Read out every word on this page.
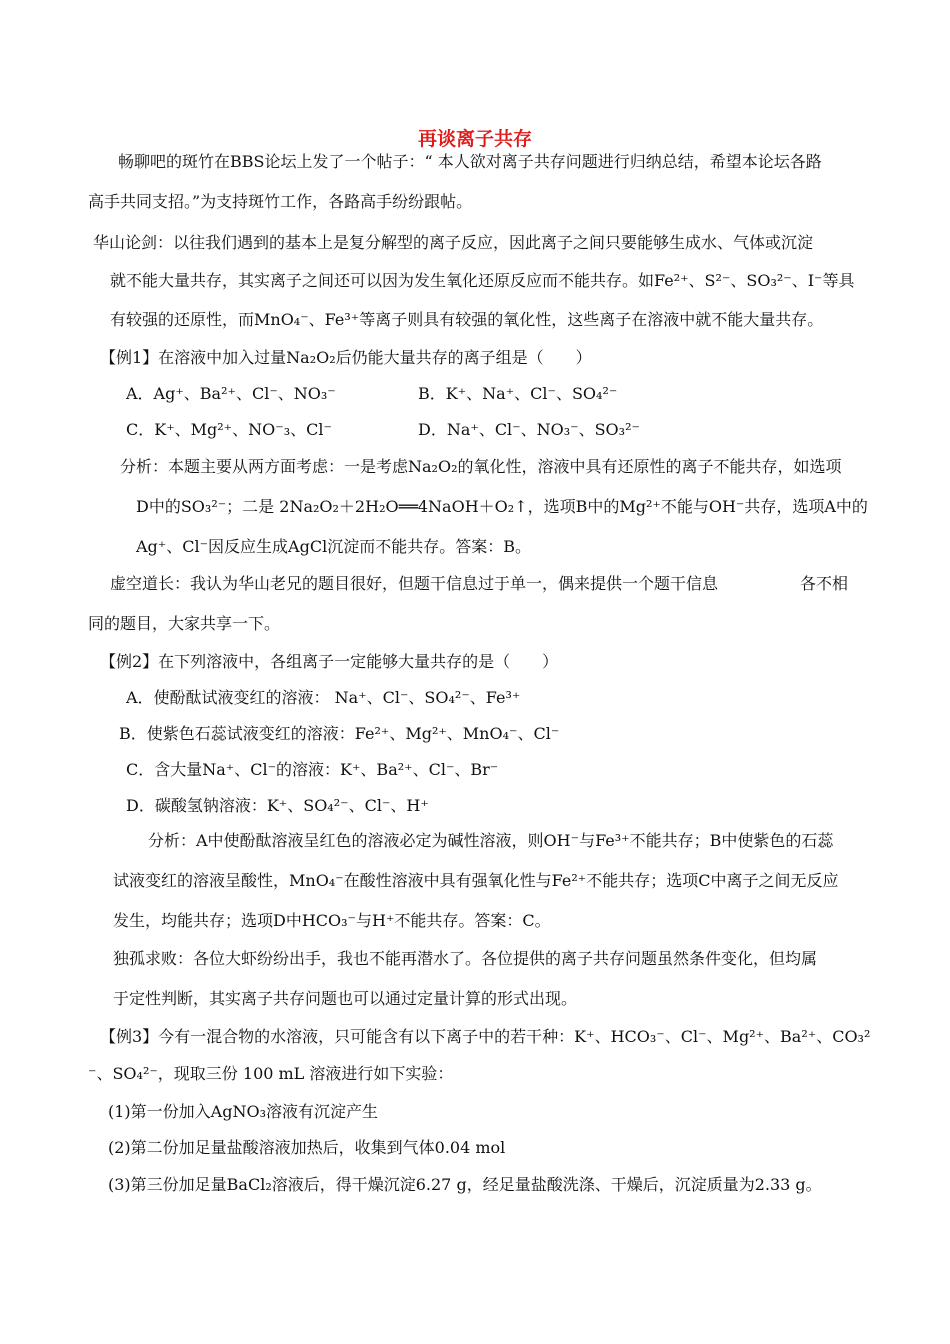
再谈离子共存
畅聊吧的斑竹在BBS论坛上发了一个帖子：“ 本人欲对离子共存问题进行归纳总结，希望本论坛各路
高手共同支招。”为支持斑竹工作，各路高手纷纷跟帖。
华山论剑：以往我们遇到的基本上是复分解型的离子反应，因此离子之间只要能够生成水、气体或沉淀
就不能大量共存，其实离子之间还可以因为发生氧化还原反应而不能共存。如Fe²⁺、S²⁻、SO₃²⁻、I⁻等具
有较强的还原性，而MnO₄⁻、Fe³⁺等离子则具有较强的氧化性，这些离子在溶液中就不能大量共存。
【例1】在溶液中加入过量Na₂O₂后仍能大量共存的离子组是（　　）
A．Ag⁺、Ba²⁺、Cl⁻、NO₃⁻	B．K⁺、Na⁺、Cl⁻、SO₄²⁻
C．K⁺、Mg²⁺、NO⁻₃、Cl⁻	D．Na⁺、Cl⁻、NO₃⁻、SO₃²⁻
分析：本题主要从两方面考虑：一是考虑Na₂O₂的氧化性，溶液中具有还原性的离子不能共存，如选项
D中的SO₃²⁻；二是 2Na₂O₂＋2H₂O══4NaOH＋O₂↑，选项B中的Mg²⁺不能与OH⁻共存，选项A中的
Ag⁺、Cl⁻因反应生成AgCl沉淀而不能共存。答案：B。
虚空道长：我认为华山老兄的题目很好，但题干信息过于单一，偶来提供一个题干信息	各不相
同的题目，大家共享一下。
【例2】在下列溶液中，各组离子一定能够大量共存的是（　　）
A．使酚酞试液变红的溶液： Na⁺、Cl⁻、SO₄²⁻、Fe³⁺
B．使紫色石蕊试液变红的溶液：Fe²⁺、Mg²⁺、MnO₄⁻、Cl⁻
C．含大量Na⁺、Cl⁻的溶液：K⁺、Ba²⁺、Cl⁻、Br⁻
D．碳酸氢钠溶液：K⁺、SO₄²⁻、Cl⁻、H⁺
分析：A中使酚酞溶液呈红色的溶液必定为碱性溶液，则OH⁻与Fe³⁺不能共存；B中使紫色的石蕊
试液变红的溶液呈酸性，MnO₄⁻在酸性溶液中具有强氧化性与Fe²⁺不能共存；选项C中离子之间无反应
发生，均能共存；选项D中HCO₃⁻与H⁺不能共存。答案：C。
独孤求败：各位大虾纷纷出手，我也不能再潜水了。各位提供的离子共存问题虽然条件变化，但均属
于定性判断，其实离子共存问题也可以通过定量计算的形式出现。
【例3】今有一混合物的水溶液，只可能含有以下离子中的若干种：K⁺、HCO₃⁻、Cl⁻、Mg²⁺、Ba²⁺、CO₃²
⁻、SO₄²⁻，现取三份 100 mL 溶液进行如下实验：
(1)第一份加入AgNO₃溶液有沉淀产生
(2)第二份加足量盐酸溶液加热后，收集到气体0.04 mol
(3)第三份加足量BaCl₂溶液后，得干燥沉淀6.27 g，经足量盐酸洗涤、干燥后，沉淀质量为2.33 g。
